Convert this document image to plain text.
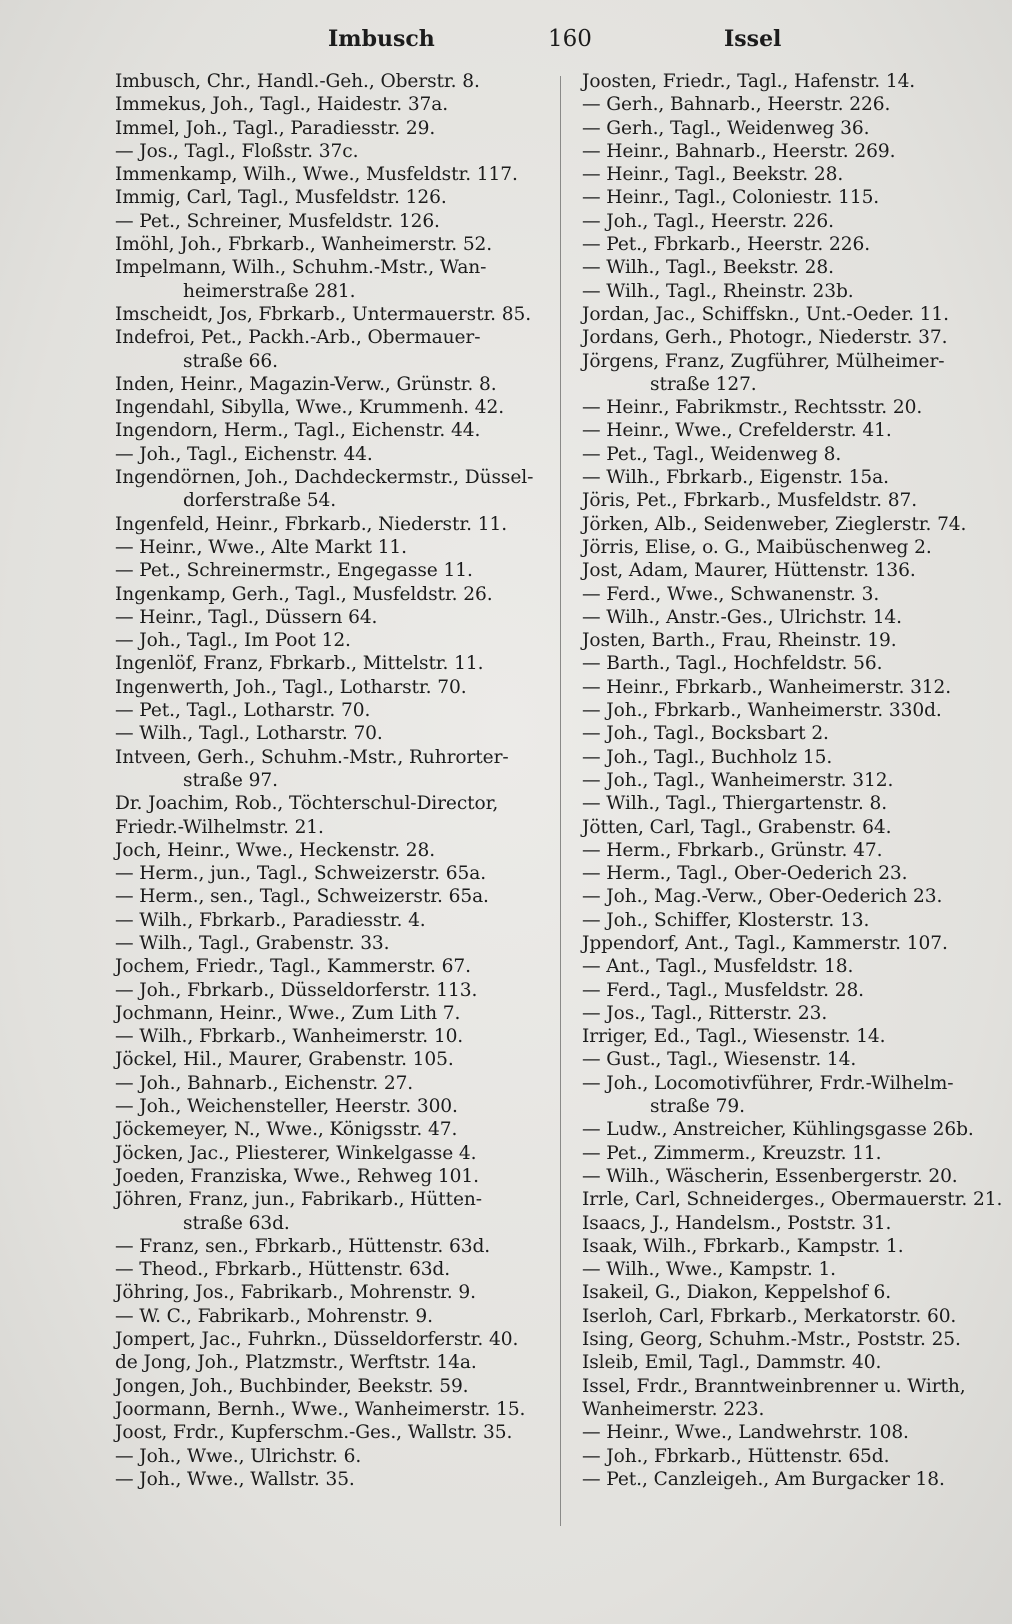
Imbusch	160	Issel
Imbusch, Chr., Handl.-Geh., Oberstr. 8.
Immekus, Joh., Tagl., Haidestr. 37a.
Immel, Joh., Tagl., Paradiesstr. 29.
— Jos., Tagl., Floßstr. 37c.
Immenkamp, Wilh., Wwe., Musfeldstr. 117.
Immig, Carl, Tagl., Musfeldstr. 126.
— Pet., Schreiner, Musfeldstr. 126.
Imöhl, Joh., Fbrkarb., Wanheimerstr. 52.
Impelmann, Wilh., Schuhm.-Mstr., Wan-
heimerstraße 281.
Imscheidt, Jos, Fbrkarb., Untermauerstr. 85.
Indefroi, Pet., Packh.-Arb., Obermauer-
straße 66.
Inden, Heinr., Magazin-Verw., Grünstr. 8.
Ingendahl, Sibylla, Wwe., Krummenh. 42.
Ingendorn, Herm., Tagl., Eichenstr. 44.
— Joh., Tagl., Eichenstr. 44.
Ingendörnen, Joh., Dachdeckermstr., Düssel-
dorferstraße 54.
Ingenfeld, Heinr., Fbrkarb., Niederstr. 11.
— Heinr., Wwe., Alte Markt 11.
— Pet., Schreinermstr., Engegasse 11.
Ingenkamp, Gerh., Tagl., Musfeldstr. 26.
— Heinr., Tagl., Düssern 64.
— Joh., Tagl., Im Poot 12.
Ingenlöf, Franz, Fbrkarb., Mittelstr. 11.
Ingenwerth, Joh., Tagl., Lotharstr. 70.
— Pet., Tagl., Lotharstr. 70.
— Wilh., Tagl., Lotharstr. 70.
Intveen, Gerh., Schuhm.-Mstr., Ruhrorter-
straße 97.
Dr. Joachim, Rob., Töchterschul-Director,
Friedr.-Wilhelmstr. 21.
Joch, Heinr., Wwe., Heckenstr. 28.
— Herm., jun., Tagl., Schweizerstr. 65a.
— Herm., sen., Tagl., Schweizerstr. 65a.
— Wilh., Fbrkarb., Paradiesstr. 4.
— Wilh., Tagl., Grabenstr. 33.
Jochem, Friedr., Tagl., Kammerstr. 67.
— Joh., Fbrkarb., Düsseldorferstr. 113.
Jochmann, Heinr., Wwe., Zum Lith 7.
— Wilh., Fbrkarb., Wanheimerstr. 10.
Jöckel, Hil., Maurer, Grabenstr. 105.
— Joh., Bahnarb., Eichenstr. 27.
— Joh., Weichensteller, Heerstr. 300.
Jöckemeyer, N., Wwe., Königsstr. 47.
Jöcken, Jac., Pliesterer, Winkelgasse 4.
Joeden, Franziska, Wwe., Rehweg 101.
Jöhren, Franz, jun., Fabrikarb., Hütten-
straße 63d.
— Franz, sen., Fbrkarb., Hüttenstr. 63d.
— Theod., Fbrkarb., Hüttenstr. 63d.
Jöhring, Jos., Fabrikarb., Mohrenstr. 9.
— W. C., Fabrikarb., Mohrenstr. 9.
Jompert, Jac., Fuhrkn., Düsseldorferstr. 40.
de Jong, Joh., Platzmstr., Werftstr. 14a.
Jongen, Joh., Buchbinder, Beekstr. 59.
Joormann, Bernh., Wwe., Wanheimerstr. 15.
Joost, Frdr., Kupferschm.-Ges., Wallstr. 35.
— Joh., Wwe., Ulrichstr. 6.
— Joh., Wwe., Wallstr. 35.
Joosten, Friedr., Tagl., Hafenstr. 14.
— Gerh., Bahnarb., Heerstr. 226.
— Gerh., Tagl., Weidenweg 36.
— Heinr., Bahnarb., Heerstr. 269.
— Heinr., Tagl., Beekstr. 28.
— Heinr., Tagl., Coloniestr. 115.
— Joh., Tagl., Heerstr. 226.
— Pet., Fbrkarb., Heerstr. 226.
— Wilh., Tagl., Beekstr. 28.
— Wilh., Tagl., Rheinstr. 23b.
Jordan, Jac., Schiffskn., Unt.-Oeder. 11.
Jordans, Gerh., Photogr., Niederstr. 37.
Jörgens, Franz, Zugführer, Mülheimer-
straße 127.
— Heinr., Fabrikmstr., Rechtsstr. 20.
— Heinr., Wwe., Crefelderstr. 41.
— Pet., Tagl., Weidenweg 8.
— Wilh., Fbrkarb., Eigenstr. 15a.
Jöris, Pet., Fbrkarb., Musfeldstr. 87.
Jörken, Alb., Seidenweber, Zieglerstr. 74.
Jörris, Elise, o. G., Maibüschenweg 2.
Jost, Adam, Maurer, Hüttenstr. 136.
— Ferd., Wwe., Schwanenstr. 3.
— Wilh., Anstr.-Ges., Ulrichstr. 14.
Josten, Barth., Frau, Rheinstr. 19.
— Barth., Tagl., Hochfeldstr. 56.
— Heinr., Fbrkarb., Wanheimerstr. 312.
— Joh., Fbrkarb., Wanheimerstr. 330d.
— Joh., Tagl., Bocksbart 2.
— Joh., Tagl., Buchholz 15.
— Joh., Tagl., Wanheimerstr. 312.
— Wilh., Tagl., Thiergartenstr. 8.
Jötten, Carl, Tagl., Grabenstr. 64.
— Herm., Fbrkarb., Grünstr. 47.
— Herm., Tagl., Ober-Oederich 23.
— Joh., Mag.-Verw., Ober-Oederich 23.
— Joh., Schiffer, Klosterstr. 13.
Jppendorf, Ant., Tagl., Kammerstr. 107.
— Ant., Tagl., Musfeldstr. 18.
— Ferd., Tagl., Musfeldstr. 28.
— Jos., Tagl., Ritterstr. 23.
Irriger, Ed., Tagl., Wiesenstr. 14.
— Gust., Tagl., Wiesenstr. 14.
— Joh., Locomotivführer, Frdr.-Wilhelm-
straße 79.
— Ludw., Anstreicher, Kühlingsgasse 26b.
— Pet., Zimmerm., Kreuzstr. 11.
— Wilh., Wäscherin, Essenbergerstr. 20.
Irrle, Carl, Schneiderges., Obermauerstr. 21.
Isaacs, J., Handelsm., Poststr. 31.
Isaak, Wilh., Fbrkarb., Kampstr. 1.
— Wilh., Wwe., Kampstr. 1.
Isakeil, G., Diakon, Keppelshof 6.
Iserloh, Carl, Fbrkarb., Merkatorstr. 60.
Ising, Georg, Schuhm.-Mstr., Poststr. 25.
Isleib, Emil, Tagl., Dammstr. 40.
Issel, Frdr., Branntweinbrenner u. Wirth,
Wanheimerstr. 223.
— Heinr., Wwe., Landwehrstr. 108.
— Joh., Fbrkarb., Hüttenstr. 65d.
— Pet., Canzleigeh., Am Burgacker 18.
